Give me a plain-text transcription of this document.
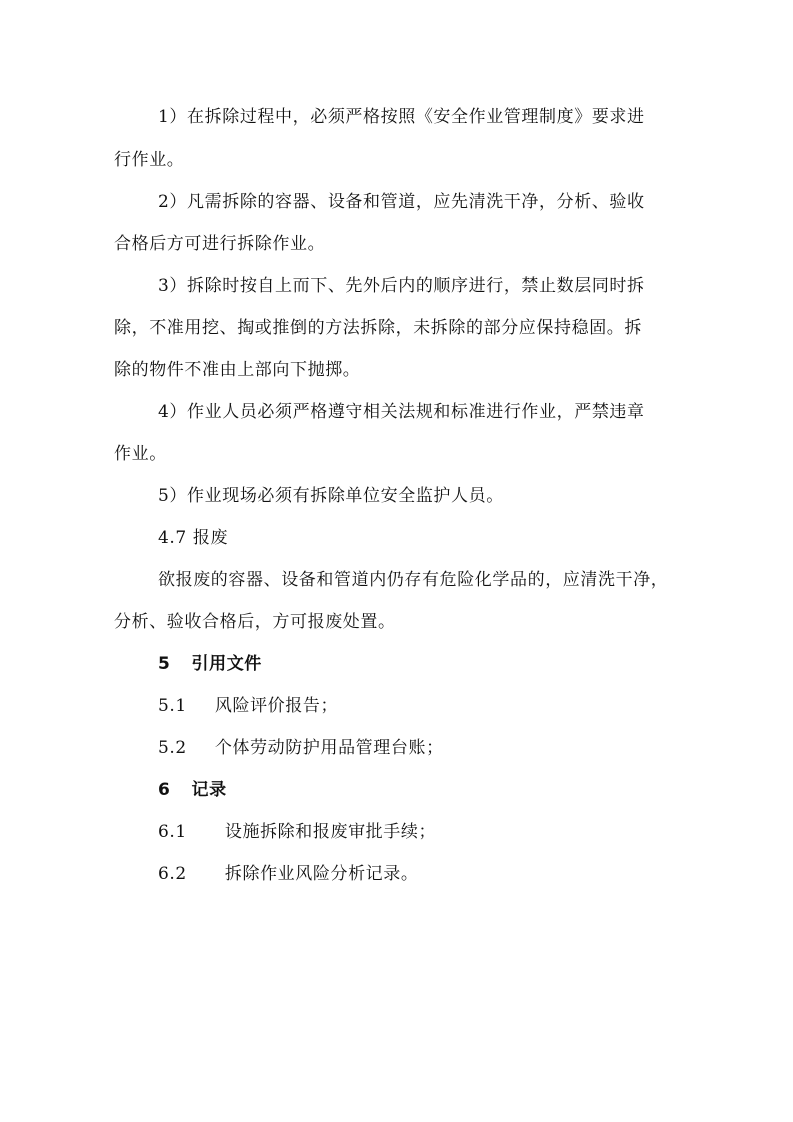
1）在拆除过程中，必须严格按照《安全作业管理制度》要求进
行作业。
2）凡需拆除的容器、设备和管道，应先清洗干净，分析、验收
合格后方可进行拆除作业。
3）拆除时按自上而下、先外后内的顺序进行，禁止数层同时拆
除，不准用挖、掏或推倒的方法拆除，未拆除的部分应保持稳固。拆
除的物件不准由上部向下抛掷。
4）作业人员必须严格遵守相关法规和标准进行作业，严禁违章
作业。
5）作业现场必须有拆除单位安全监护人员。
4.7 报废
欲报废的容器、设备和管道内仍存有危险化学品的，应清洗干净，
分析、验收合格后，方可报废处置。
5 引用文件
5.1 风险评价报告；
5.2 个体劳动防护用品管理台账；
6 记录
6.1 设施拆除和报废审批手续；
6.2 拆除作业风险分析记录。
